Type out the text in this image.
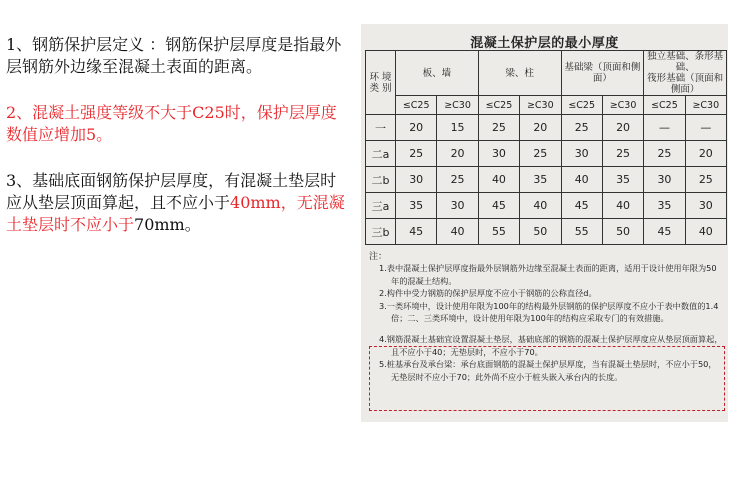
1、钢筋保护层定义 ：钢筋保护层厚度是指最外层钢筋外边缘至混凝土表面的距离。

2、混凝土强度等级不大于C25时，保护层厚度数值应增加5。

3、基础底面钢筋保护层厚度，有混凝土垫层时应从垫层顶面算起，且不应小于40mm，无混凝土垫层时不应小于70mm。

混凝土保护层的最小厚度
环 境
类 别	板、墙		梁、柱		基础梁（顶面和侧面）		独立基础、条形基础、
筏形基础（顶面和侧面）	
	≤C25	≥C30	≤C25	≥C30	≤C25	≥C30	≤C25	≥C30
一	20	15	25	20	25	20	—	—
二a	25	20	30	25	30	25	25	20
二b	30	25	40	35	40	35	30	25
三a	35	30	45	40	45	40	35	30
三b	45	40	55	50	55	50	45	40
注：

1.表中混凝土保护层厚度指最外层钢筋外边缘至混凝土表面的距离，适用于设计使用年限为50年的混凝土结构。

2.构件中受力钢筋的保护层厚度不应小于钢筋的公称直径d。

3.一类环境中，设计使用年限为100年的结构最外层钢筋的保护层厚度不应小于表中数值的1.4倍；二、三类环境中，设计使用年限为100年的结构应采取专门的有效措施。

4.钢筋混凝土基础宜设置混凝土垫层，基础底部的钢筋的混凝土保护层厚度应从垫层顶面算起，且不应小于40；无垫层时，不应小于70。

5.桩基承台及承台梁：承台底面钢筋的混凝土保护层厚度，当有混凝土垫层时，不应小于50，无垫层时不应小于70；此外尚不应小于桩头嵌入承台内的长度。
